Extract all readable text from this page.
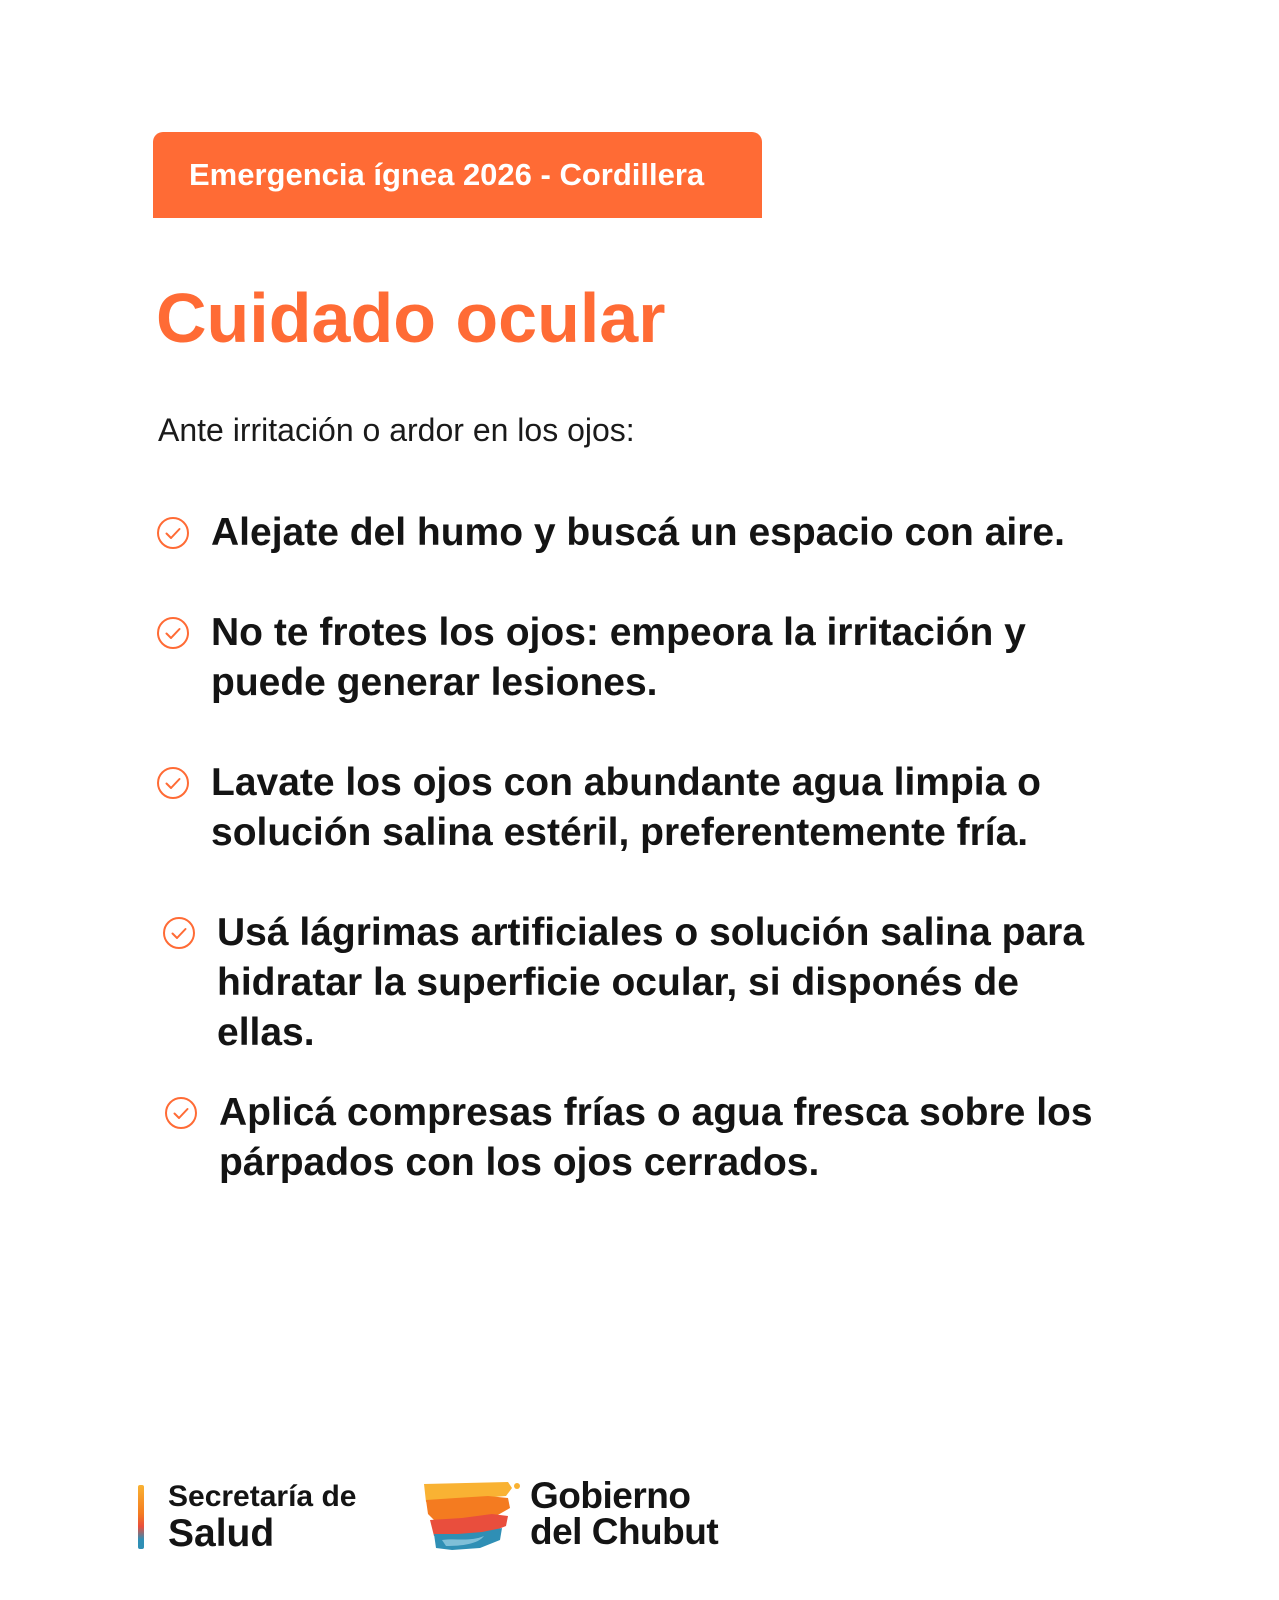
Emergencia ígnea 2026 - Cordillera
Cuidado ocular
Ante irritación o ardor en los ojos:
Alejate del humo y buscá un espacio con aire.
No te frotes los ojos: empeora la irritación y puede generar lesiones.
Lavate los ojos con abundante agua limpia o solución salina estéril, preferentemente fría.
Usá lágrimas artificiales o solución salina para hidratar la superficie ocular, si disponés de ellas.
Aplicá compresas frías o agua fresca sobre los párpados con los ojos cerrados.
Secretaría de
Salud
Gobierno
del Chubut
